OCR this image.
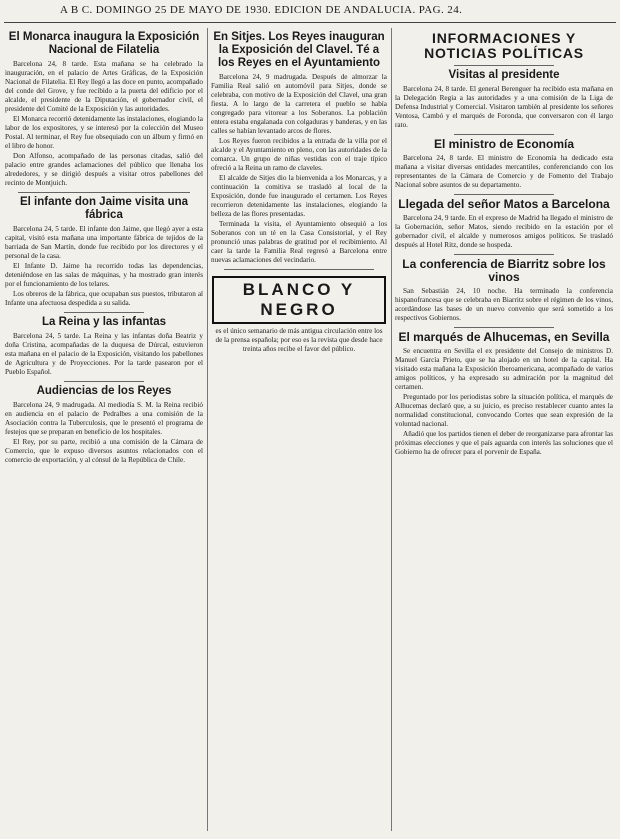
A B C. DOMINGO 25 DE MAYO DE 1930. EDICION DE ANDALUCIA. PAG. 24.
El Monarca inaugura la Exposición Nacional de Filatelia

Barcelona 24, 8 tarde. Esta mañana se ha celebrado la inauguración, en el palacio de Artes Gráficas, de la Exposición Nacional de Filatelia. El Rey llegó a las doce en punto, acompañado del conde del Grove, y fue recibido a la puerta del edificio por el alcalde, el presidente de la Diputación, el gobernador civil, el presidente del Comité de la Exposición y las autoridades.

El Monarca recorrió detenidamente las instalaciones, elogiando la labor de los expositores, y se interesó por la colección del Museo Postal. Al terminar, el Rey fue obsequiado con un álbum y firmó en el libro de honor.

Don Alfonso, acompañado de las personas citadas, salió del palacio entre grandes aclamaciones del público que llenaba los alrededores, y se dirigió después a visitar otros pabellones del recinto de Montjuich.

El infante don Jaime visita una fábrica

Barcelona 24, 5 tarde. El infante don Jaime, que llegó ayer a esta capital, visitó esta mañana una importante fábrica de tejidos de la barriada de San Martín, donde fue recibido por los directores y el personal de la casa.

El Infante D. Jaime ha recorrido todas las dependencias, deteniéndose en las salas de máquinas, y ha mostrado gran interés por el funcionamiento de los telares.

Los obreros de la fábrica, que ocupaban sus puestos, tributaron al Infante una afectuosa despedida a su salida.

La Reina y las infantas

Barcelona 24, 5 tarde. La Reina y las infantas doña Beatriz y doña Cristina, acompañadas de la duquesa de Dúrcal, estuvieron esta mañana en el palacio de la Exposición, visitando los pabellones de Agricultura y de Proyecciones. Por la tarde pasearon por el Pueblo Español.

Audiencias de los Reyes

Barcelona 24, 9 madrugada. Al mediodía S. M. la Reina recibió en audiencia en el palacio de Pedralbes a una comisión de la Asociación contra la Tuberculosis, que le presentó el programa de festejos que se preparan en beneficio de los hospitales.

El Rey, por su parte, recibió a una comisión de la Cámara de Comercio, que le expuso diversos asuntos relacionados con el comercio de exportación, y al cónsul de la República de Chile.

En Sitjes. Los Reyes inauguran la Exposición del Clavel. Té a los Reyes en el Ayuntamiento

Barcelona 24, 9 madrugada. Después de almorzar la Familia Real salió en automóvil para Sitjes, donde se celebraba, con motivo de la Exposición del Clavel, una gran fiesta. A lo largo de la carretera el pueblo se había congregado para vitorear a los Soberanos. La población entera estaba engalanada con colgaduras y banderas, y en las calles se habían levantado arcos de flores.

Los Reyes fueron recibidos a la entrada de la villa por el alcalde y el Ayuntamiento en pleno, con las autoridades de la comarca. Un grupo de niñas vestidas con el traje típico ofreció a la Reina un ramo de claveles.

El alcalde de Sitjes dio la bienvenida a los Monarcas, y a continuación la comitiva se trasladó al local de la Exposición, donde fue inaugurado el certamen. Los Reyes recorrieron detenidamente las instalaciones, elogiando la belleza de las flores presentadas.

Terminada la visita, el Ayuntamiento obsequió a los Soberanos con un té en la Casa Consistorial, y el Rey pronunció unas palabras de gratitud por el recibimiento. Al caer la tarde la Familia Real regresó a Barcelona entre nuevas aclamaciones del vecindario.

BLANCO Y NEGRO

es el único semanario de más antigua circulación entre los de la prensa española; por eso es la revista que desde hace treinta años recibe el favor del público.

INFORMACIONES Y NOTICIAS POLÍTICAS
Visitas al presidente

Barcelona 24, 8 tarde. El general Berenguer ha recibido esta mañana en la Delegación Regia a las autoridades y a una comisión de la Liga de Defensa Industrial y Comercial. Visitaron también al presidente los señores Ventosa, Cambó y el marqués de Foronda, que conversaron con él largo rato.

El ministro de Economía

Barcelona 24, 8 tarde. El ministro de Economía ha dedicado esta mañana a visitar diversas entidades mercantiles, conferenciando con los representantes de la Cámara de Comercio y de Fomento del Trabajo Nacional sobre asuntos de su departamento.

Llegada del señor Matos a Barcelona

Barcelona 24, 9 tarde. En el expreso de Madrid ha llegado el ministro de la Gobernación, señor Matos, siendo recibido en la estación por el gobernador civil, el alcalde y numerosos amigos políticos. Se trasladó después al Hotel Ritz, donde se hospeda.

La conferencia de Biarritz sobre los vinos

San Sebastián 24, 10 noche. Ha terminado la conferencia hispanofrancesa que se celebraba en Biarritz sobre el régimen de los vinos, acordándose las bases de un nuevo convenio que será sometido a los respectivos Gobiernos.

El marqués de Alhucemas, en Sevilla

Se encuentra en Sevilla el ex presidente del Consejo de ministros D. Manuel García Prieto, que se ha alojado en un hotel de la capital. Ha visitado esta mañana la Exposición Iberoamericana, acompañado de varios amigos políticos, y ha expresado su admiración por la magnitud del certamen.

Preguntado por los periodistas sobre la situación política, el marqués de Alhucemas declaró que, a su juicio, es preciso restablecer cuanto antes la normalidad constitucional, convocando Cortes que sean expresión de la voluntad nacional.

Añadió que los partidos tienen el deber de reorganizarse para afrontar las próximas elecciones y que el país aguarda con interés las soluciones que el Gobierno ha de ofrecer para el porvenir de España.
